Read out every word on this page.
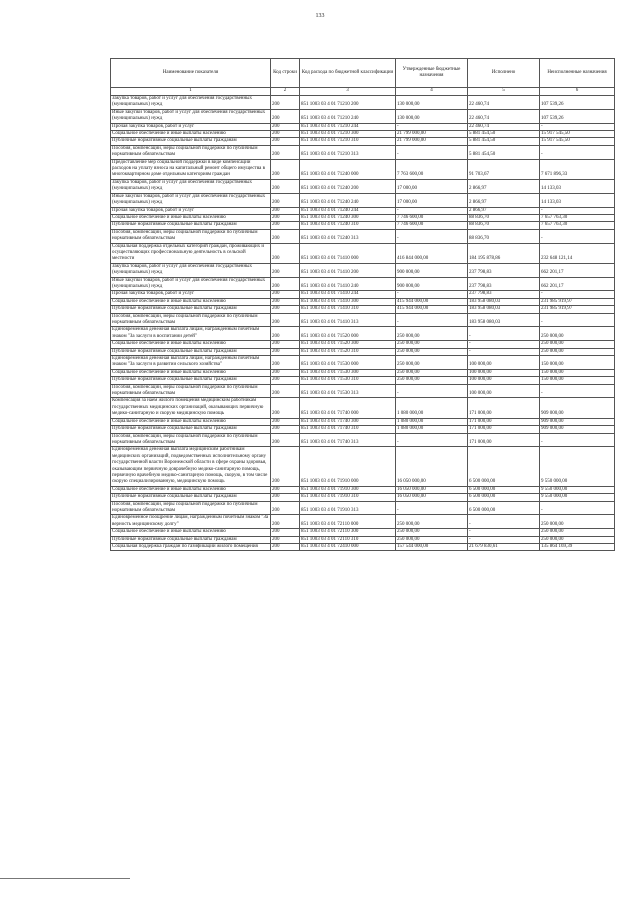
133
Наименование показателя	Код строки	Код расхода по бюджетной классификации	Утвержденные бюджетные назначения	Исполнено	Неисполненные назначения
1	2	3	4	5	6
Закупка товаров, работ и услуг для обеспечения государственных (муниципальных) нужд	200	851 1003 03 4 01 71210 200	130 000,00	22 460,74	107 539,26
Иные закупки товаров, работ и услуг для обеспечения государственных (муниципальных) нужд	200	851 1003 03 4 01 71210 240	130 000,00	22 460,74	107 539,26
Прочая закупка товаров, работ и услуг	200	851 1003 03 4 01 71210 244	-	22 460,74	-
Социальное обеспечение и иные выплаты населению	200	851 1003 03 4 01 71210 300	21 799 000,00	5 881 454,50	15 917 545,50
Публичные нормативные социальные выплаты гражданам	200	851 1003 03 4 01 71210 310	21 799 000,00	5 881 454,50	15 917 545,50
Пособия, компенсации, меры социальной поддержки по публичным нормативным обязательствам	200	851 1003 03 4 01 71210 313	-	5 881 454,50	-
Предоставление мер социальной поддержки в виде компенсации расходов на уплату взноса на капитальный ремонт общего имущества в многоквартирном доме отдельным категориям граждан	200	851 1003 03 4 01 71240 000	7 763 600,00	91 703,67	7 671 896,33
Закупка товаров, работ и услуг для обеспечения государственных (муниципальных) нужд	200	851 1003 03 4 01 71240 200	17 000,00	2 866,97	14 133,03
Иные закупки товаров, работ и услуг для обеспечения государственных (муниципальных) нужд	200	851 1003 03 4 01 71240 240	17 000,00	2 866,97	14 133,03
Прочая закупка товаров, работ и услуг	200	851 1003 03 4 01 71240 244	-	2 866,97	-
Социальное обеспечение и иные выплаты населению	200	851 1003 03 4 01 71240 300	7 746 600,00	88 836,70	7 657 763,30
Публичные нормативные социальные выплаты гражданам	200	851 1003 03 4 01 71240 310	7 746 600,00	88 836,70	7 657 763,30
Пособия, компенсации, меры социальной поддержки по публичным нормативным обязательствам	200	851 1003 03 4 01 71240 313	-	88 836,70	-
Социальная поддержка отдельных категорий граждан, проживающих и осуществляющих профессиональную деятельность в сельской местности	200	851 1003 03 4 01 71410 000	416 844 000,00	184 195 878,86	232 648 121,14
Закупка товаров, работ и услуг для обеспечения государственных (муниципальных) нужд	200	851 1003 03 4 01 71410 200	900 000,00	237 798,83	662 201,17
Иные закупки товаров, работ и услуг для обеспечения государственных (муниципальных) нужд	200	851 1003 03 4 01 71410 240	900 000,00	237 798,83	662 201,17
Прочая закупка товаров, работ и услуг	200	851 1003 03 4 01 71410 244	-	237 798,83	-
Социальное обеспечение и иные выплаты населению	200	851 1003 03 4 01 71410 300	415 944 000,00	183 958 080,03	231 985 919,97
Публичные нормативные социальные выплаты гражданам	200	851 1003 03 4 01 71410 310	415 944 000,00	183 958 080,03	231 985 919,97
Пособия, компенсации, меры социальной поддержки по публичным нормативным обязательствам	200	851 1003 03 4 01 71410 313	-	183 958 080,03	-
Единовременная денежная выплата лицам, награжденным почетным знаком "За заслуги в воспитании детей"	200	851 1003 03 4 01 71520 000	250 000,00	-	250 000,00
Социальное обеспечение и иные выплаты населению	200	851 1003 03 4 01 71520 300	250 000,00	-	250 000,00
Публичные нормативные социальные выплаты гражданам	200	851 1003 03 4 01 71520 310	250 000,00	-	250 000,00
Единовременная денежная выплата лицам, награжденным почетным знаком "За заслуги в развитии сельского хозяйства"	200	851 1003 03 4 01 71530 000	250 000,00	100 000,00	150 000,00
Социальное обеспечение и иные выплаты населению	200	851 1003 03 4 01 71530 300	250 000,00	100 000,00	150 000,00
Публичные нормативные социальные выплаты гражданам	200	851 1003 03 4 01 71530 310	250 000,00	100 000,00	150 000,00
Пособия, компенсации, меры социальной поддержки по публичным нормативным обязательствам	200	851 1003 03 4 01 71530 313	-	100 000,00	-
Компенсация за наем жилого помещения медицинским работникам государственных медицинских организаций, оказывающих первичную медико-санитарную и скорую медицинскую помощь	200	851 1003 03 4 01 71740 000	1 080 000,00	171 000,00	909 000,00
Социальное обеспечение и иные выплаты населению	200	851 1003 03 4 01 71740 300	1 080 000,00	171 000,00	909 000,00
Публичные нормативные социальные выплаты гражданам	200	851 1003 03 4 01 71740 310	1 080 000,00	171 000,00	909 000,00
Пособия, компенсации, меры социальной поддержки по публичным нормативным обязательствам	200	851 1003 03 4 01 71740 313	-	171 000,00	-
Единовременная денежная выплата медицинским работникам медицинских организаций, подведомственных исполнительному органу государственной власти Воронежской области в сфере охраны здоровья, оказывающим первичную доврачебную медико-санитарную помощь, первичную врачебную медико-санитарную помощь, скорую, в том числе скорую специализированную, медицинскую помощь	200	851 1003 03 4 01 71910 000	16 050 000,00	6 500 000,00	9 550 000,00
Социальное обеспечение и иные выплаты населению	200	851 1003 03 4 01 71910 300	16 050 000,00	6 500 000,00	9 550 000,00
Публичные нормативные социальные выплаты гражданам	200	851 1003 03 4 01 71910 310	16 050 000,00	6 500 000,00	9 550 000,00
Пособия, компенсации, меры социальной поддержки по публичным нормативным обязательствам	200	851 1003 03 4 01 71910 313	-	6 500 000,00	-
Единовременное поощрение лицам, награжденным почетным знаком "За верность медицинскому долгу"	200	851 1003 03 4 01 72110 000	250 000,00	-	250 000,00
Социальное обеспечение и иные выплаты населению	200	851 1003 03 4 01 72110 300	250 000,00	-	250 000,00
Публичные нормативные социальные выплаты гражданам	200	851 1003 03 4 01 72110 310	250 000,00	-	250 000,00
Социальная поддержка граждан по газификации жилого помещения	200	851 1003 03 4 01 72410 000	157 544 000,00	21 679 830,61	135 864 169,39
